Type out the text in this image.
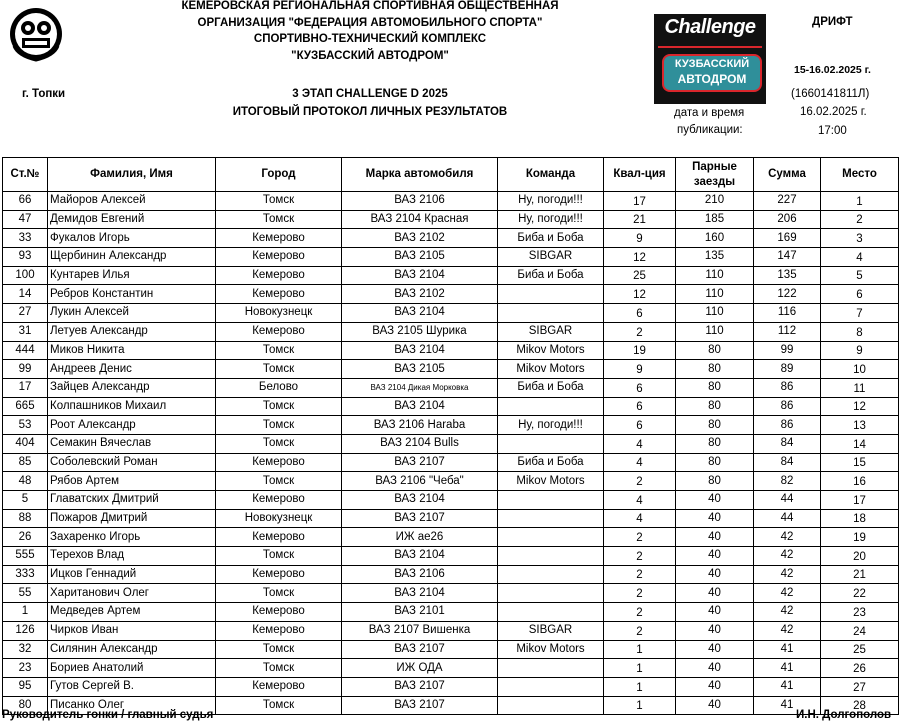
КЕМЕРОВСКАЯ РЕГИОНАЛЬНАЯ СПОРТИВНАЯ ОБЩЕСТВЕННАЯ
ОРГАНИЗАЦИЯ "ФЕДЕРАЦИЯ АВТОМОБИЛЬНОГО СПОРТА"
СПОРТИВНО-ТЕХНИЧЕСКИЙ КОМПЛЕКС
"КУЗБАССКИЙ АВТОДРОМ"
г. Топки	3 ЭТАП CHALLENGE D 2025
ИТОГОВЫЙ ПРОТОКОЛ ЛИЧНЫХ РЕЗУЛЬТАТОВ
Challenge
КУЗБАССКИЙ
АВТОДРОМ
ДРИФТ
15-16.02.2025 г.
(1660141811Л)
дата и время
публикации:
16.02.2025 г.
17:00
Ст.№	Фамилия, Имя	Город	Марка автомобиля	Команда	Квал-ция	Парные
заезды	Сумма	Место
66	Майоров Алексей	Томск	ВАЗ 2106	Ну, погоди!!!	17	210	227	1
47	Демидов Евгений	Томск	ВАЗ 2104 Красная	Ну, погоди!!!	21	185	206	2
33	Фукалов Игорь	Кемерово	ВАЗ 2102	Биба и Боба	9	160	169	3
93	Щербинин Александр	Кемерово	ВАЗ 2105	SIBGAR	12	135	147	4
100	Кунтарев Илья	Кемерово	ВАЗ 2104	Биба и Боба	25	110	135	5
14	Ребров Константин	Кемерово	ВАЗ 2102		12	110	122	6
27	Лукин Алексей	Новокузнецк	ВАЗ 2104		6	110	116	7
31	Летуев Александр	Кемерово	ВАЗ 2105 Шурика	SIBGAR	2	110	112	8
444	Миков Никита	Томск	ВАЗ 2104	Mikov Motors	19	80	99	9
99	Андреев Денис	Томск	ВАЗ 2105	Mikov Motors	9	80	89	10
17	Зайцев Александр	Белово	ВАЗ 2104 Дикая Морковка	Биба и Боба	6	80	86	11
665	Колпашников Михаил	Томск	ВАЗ 2104		6	80	86	12
53	Роот Александр	Томск	ВАЗ 2106 Haraba	Ну, погоди!!!	6	80	86	13
404	Семакин Вячеслав	Томск	ВАЗ 2104 Bulls		4	80	84	14
85	Соболевский Роман	Кемерово	ВАЗ 2107	Биба и Боба	4	80	84	15
48	Рябов Артем	Томск	ВАЗ 2106 "Чеба"	Mikov Motors	2	80	82	16
5	Главатских Дмитрий	Кемерово	ВАЗ 2104		4	40	44	17
88	Пожаров Дмитрий	Новокузнецк	ВАЗ 2107		4	40	44	18
26	Захаренко Игорь	Кемерово	ИЖ ае26		2	40	42	19
555	Терехов Влад	Томск	ВАЗ 2104		2	40	42	20
333	Ицков Геннадий	Кемерово	ВАЗ 2106		2	40	42	21
55	Хаританович Олег	Томск	ВАЗ 2104		2	40	42	22
1	Медведев Артем	Кемерово	ВАЗ 2101		2	40	42	23
126	Чирков Иван	Кемерово	ВАЗ 2107 Вишенка	SIBGAR	2	40	42	24
32	Силянин Александр	Томск	ВАЗ 2107	Mikov Motors	1	40	41	25
23	Бориев Анатолий	Томск	ИЖ ОДА		1	40	41	26
95	Гутов Сергей В.	Кемерово	ВАЗ 2107		1	40	41	27
80	Писанко Олег	Томск	ВАЗ 2107		1	40	41	28
Руководитель гонки / главный судья	И.Н. Долгополов
